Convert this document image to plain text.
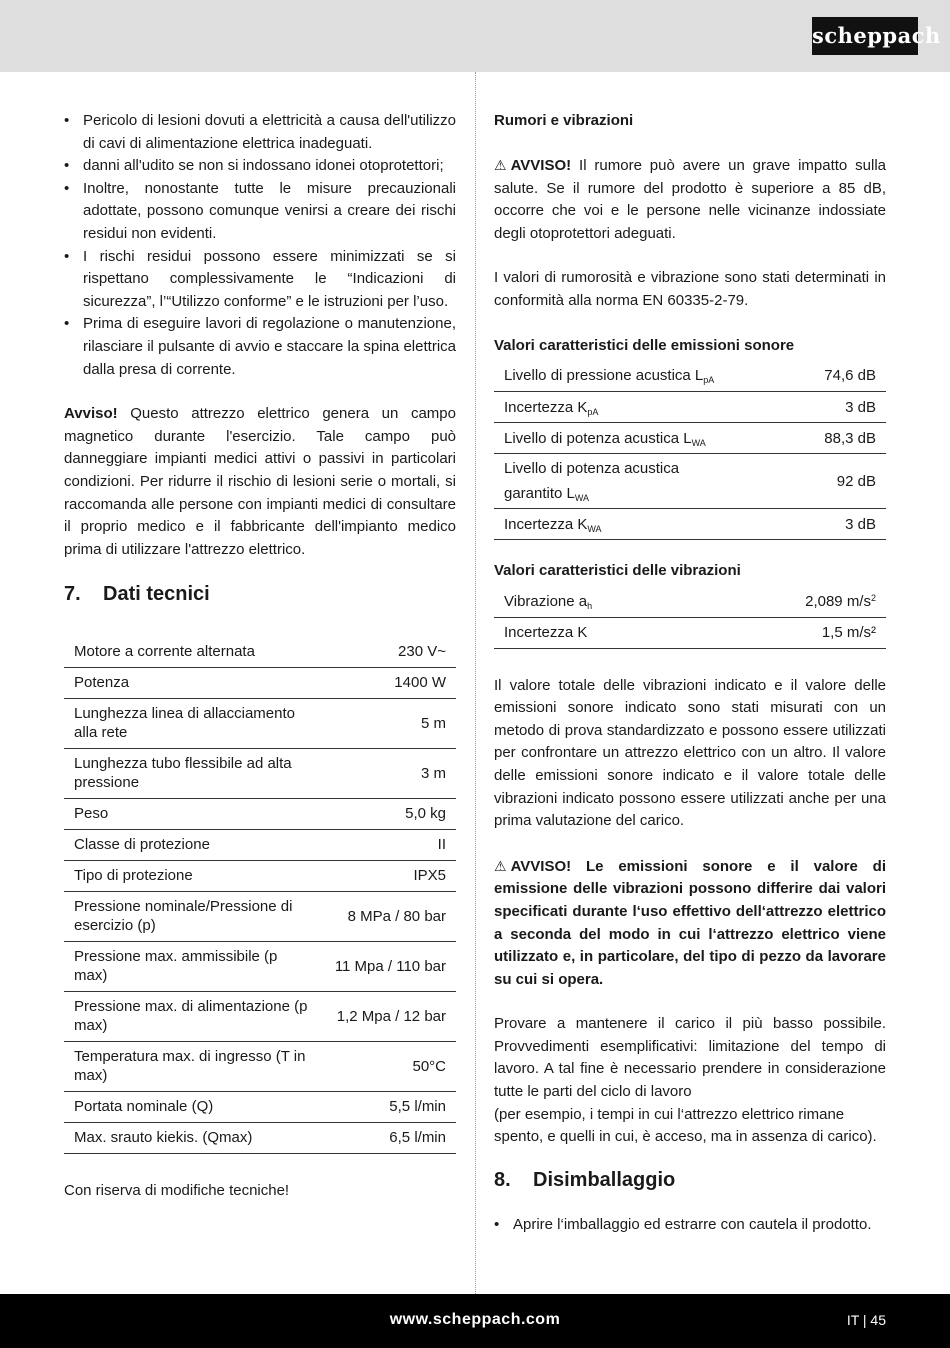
scheppach
• Pericolo di lesioni dovuti a elettricità a causa dell'utilizzo di cavi di alimentazione elettrica inadeguati.
• danni all'udito se non si indossano idonei otoprotettori;
• Inoltre, nonostante tutte le misure precauzionali adottate, possono comunque venirsi a creare dei rischi residui non evidenti.
• I rischi residui possono essere minimizzati se si rispettano complessivamente le “Indicazioni di sicurezza”, l’“Utilizzo conforme” e le istruzioni per l’uso.
• Prima di eseguire lavori di regolazione o manutenzione, rilasciare il pulsante di avvio e staccare la spina elettrica dalla presa di corrente.

Avviso! Questo attrezzo elettrico genera un campo magnetico durante l'esercizio. Tale campo può danneggiare impianti medici attivi o passivi in particolari condizioni. Per ridurre il rischio di lesioni serie o mortali, si raccomanda alle persone con impianti medici di consultare il proprio medico e il fabbricante dell'impianto medico prima di utilizzare l'attrezzo elettrico.

7.	Dati tecnici
Motore a corrente alternata	230 V~
Potenza	1400 W
Lunghezza linea di allacciamento alla rete	5 m
Lunghezza tubo flessibile ad alta pressione	3 m
Peso	5,0 kg
Classe di protezione	II
Tipo di protezione	IPX5
Pressione nominale/Pressione di esercizio (p)	8 MPa / 80 bar
Pressione max. ammissibile (p max)	11 Mpa / 110 bar
Pressione max. di alimentazione (p max)	1,2 Mpa / 12 bar
Temperatura max. di ingresso (T in max)	50°C
Portata nominale (Q)	5,5 l/min
Max. srauto kiekis. (Qmax)	6,5 l/min

Con riserva di modifiche tecniche!

Rumori e vibrazioni

⚠ AVVISO! Il rumore può avere un grave impatto sulla salute. Se il rumore del prodotto è superiore a 85 dB, occorre che voi e le persone nelle vicinanze indossiate degli otoprotettori adeguati.

I valori di rumorosità e vibrazione sono stati determinati in conformità alla norma EN 60335-2-79.

Valori caratteristici delle emissioni sonore
Livello di pressione acustica $L_{pA}$	74,6 dB
Incertezza $K_{pA}$	3 dB
Livello di potenza acustica $L_{WA}$	88,3 dB
Livello di potenza acustica
garantito $L_{WA}$	92 dB
Incertezza $K_{WA}$	3 dB
Valori caratteristici delle vibrazioni
Vibrazione $a_h$	2,089 $m/s^2$
Incertezza K	1,5 m/s²

Il valore totale delle vibrazioni indicato e il valore delle emissioni sonore indicato sono stati misurati con un metodo di prova standardizzato e possono essere utilizzati per confrontare un attrezzo elettrico con un altro. Il valore delle emissioni sonore indicato e il valore totale delle vibrazioni indicato possono essere utilizzati anche per una prima valutazione del carico.

⚠ AVVISO! Le emissioni sonore e il valore di emissione delle vibrazioni possono differire dai valori specificati durante l‘uso effettivo dell‘attrezzo elettrico a seconda del modo in cui l‘attrezzo elettrico viene utilizzato e, in particolare, del tipo di pezzo da lavorare su cui si opera.

Provare a mantenere il carico il più basso possibile. Provvedimenti esemplificativi: limitazione del tempo di lavoro. A tal fine è necessario prendere in considerazione tutte le parti del ciclo di lavoro

(per esempio, i tempi in cui l‘attrezzo elettrico rimane spento, e quelli in cui, è acceso, ma in assenza di carico).

8.	Disimballaggio
• Aprire l‘imballaggio ed estrarre con cautela il prodotto.
www.scheppach.com	IT | 45
